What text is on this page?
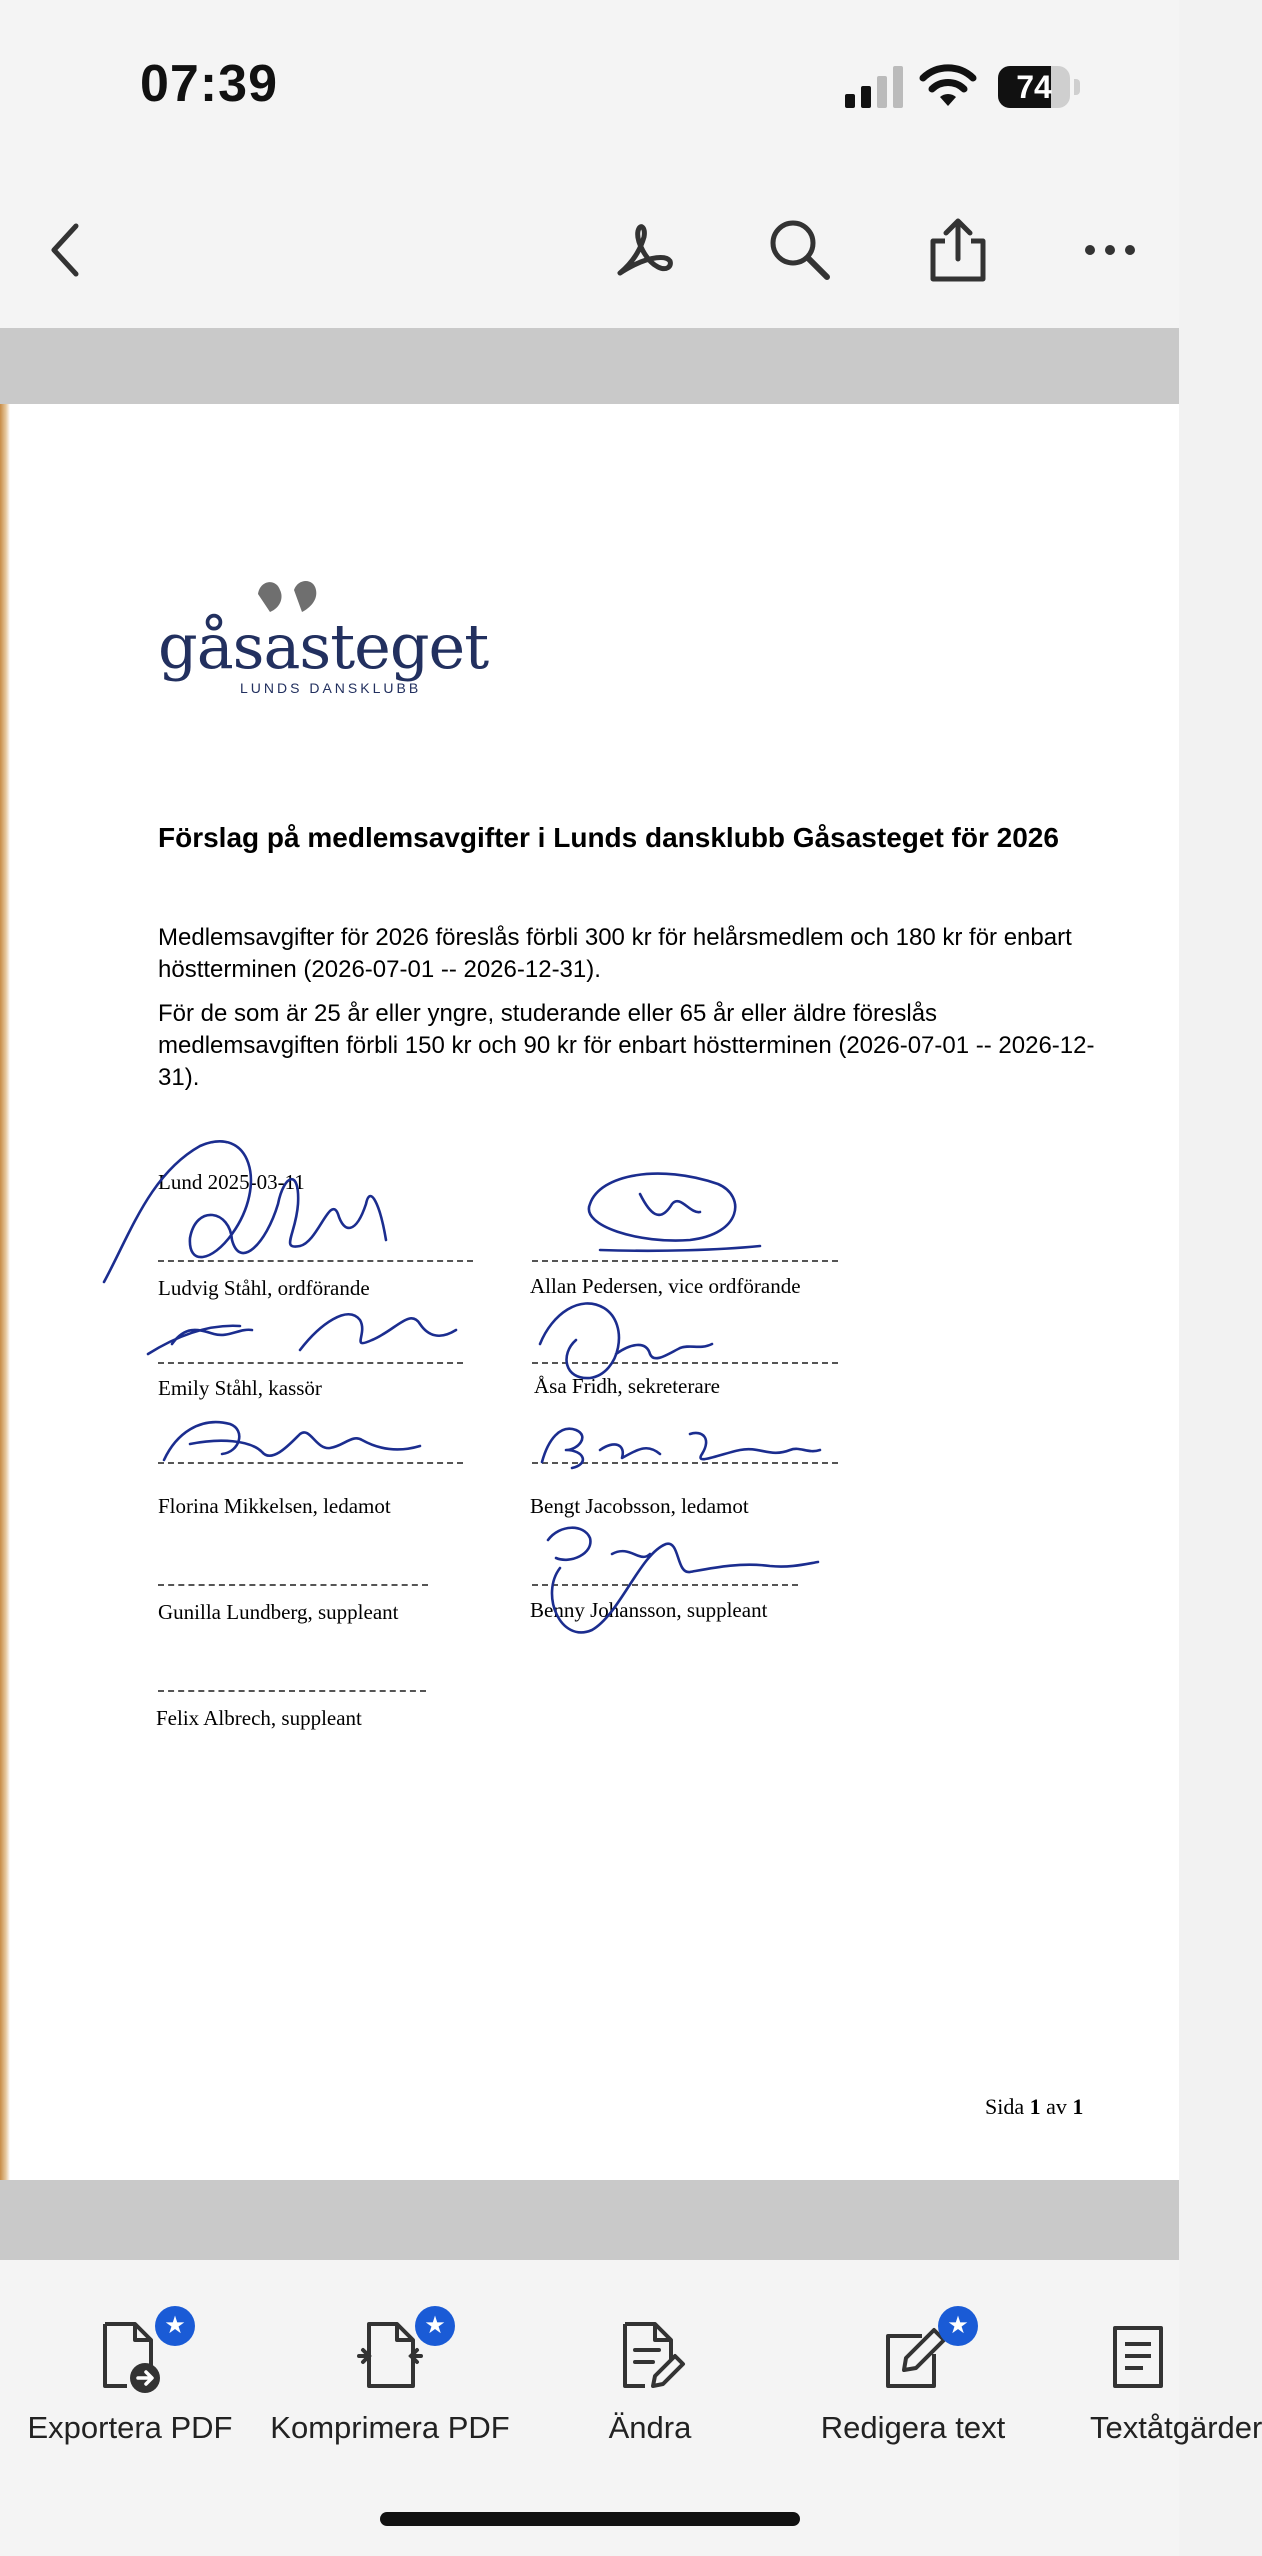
07:39	74
gåsasteget
LUNDS DANSKLUBB
Förslag på medlemsavgifter i Lunds dansklubb Gåsasteget för 2026
Medlemsavgifter för 2026 föreslås förbli 300 kr för helårsmedlem och 180 kr för enbart höstterminen (2026-07-01 -- 2026-12-31).
För de som är 25 år eller yngre, studerande eller 65 år eller äldre föreslås medlemsavgiften förbli 150 kr och 90 kr för enbart höstterminen (2026-07-01 -- 2026-12-31).
Lund 2025-03-11
Ludvig Ståhl, ordförande	Allan Pedersen, vice ordförande
Emily Ståhl, kassör	Åsa Fridh, sekreterare
Florina Mikkelsen, ledamot	Bengt Jacobsson, ledamot
Gunilla Lundberg, suppleant	Benny Johansson, suppleant
Felix Albrech, suppleant
Sida 1 av 1
★
Exportera PDF
★
Komprimera PDF	Ändra
★
Redigera text	Textåtgärder
